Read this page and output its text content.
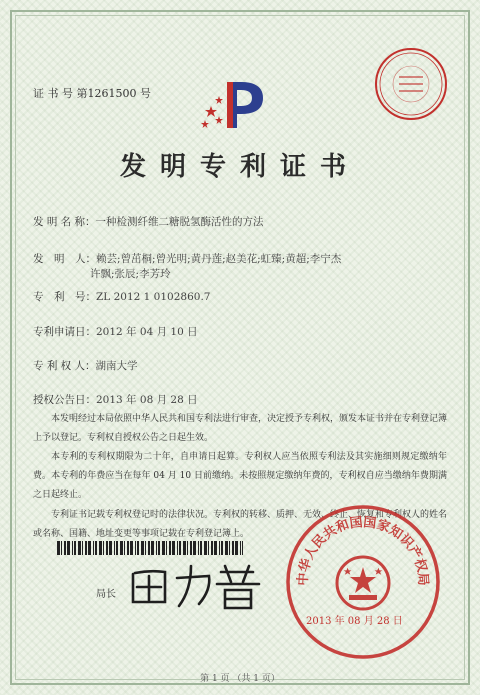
证 书 号 第1261500 号
发明专利证书
发 明 名 称：一种检测纤维二糖脱氢酶活性的方法
发　明　人：赖芸;曾茁桐;曾光明;黄丹莲;赵美花;虹臻;黄超;李宁杰
许飘;张辰;李芳玲
专　利　号：ZL 2012 1 0102860.7
专利申请日：2012 年 04 月 10 日
专 利 权 人：湖南大学
授权公告日：2013 年 08 月 28 日
本发明经过本局依照中华人民共和国专利法进行审查，决定授予专利权，颁发本证书并在专利登记簿上予以登记。专利权自授权公告之日起生效。
本专利的专利权期限为二十年，自申请日起算。专利权人应当依照专利法及其实施细则规定缴纳年费。本专利的年费应当在每年 04 月 10 日前缴纳。未按照规定缴纳年费的，专利权自应当缴纳年费期满之日起终止。
专利证书记载专利权登记时的法律状况。专利权的转移、质押、无效、终止、恢复和专利权人的姓名或名称、国籍、地址变更等事项记载在专利登记簿上。
局长
中华人民共和国国家知识产权局
2013 年 08 月 28 日
第 1 页 （共 1 页）
